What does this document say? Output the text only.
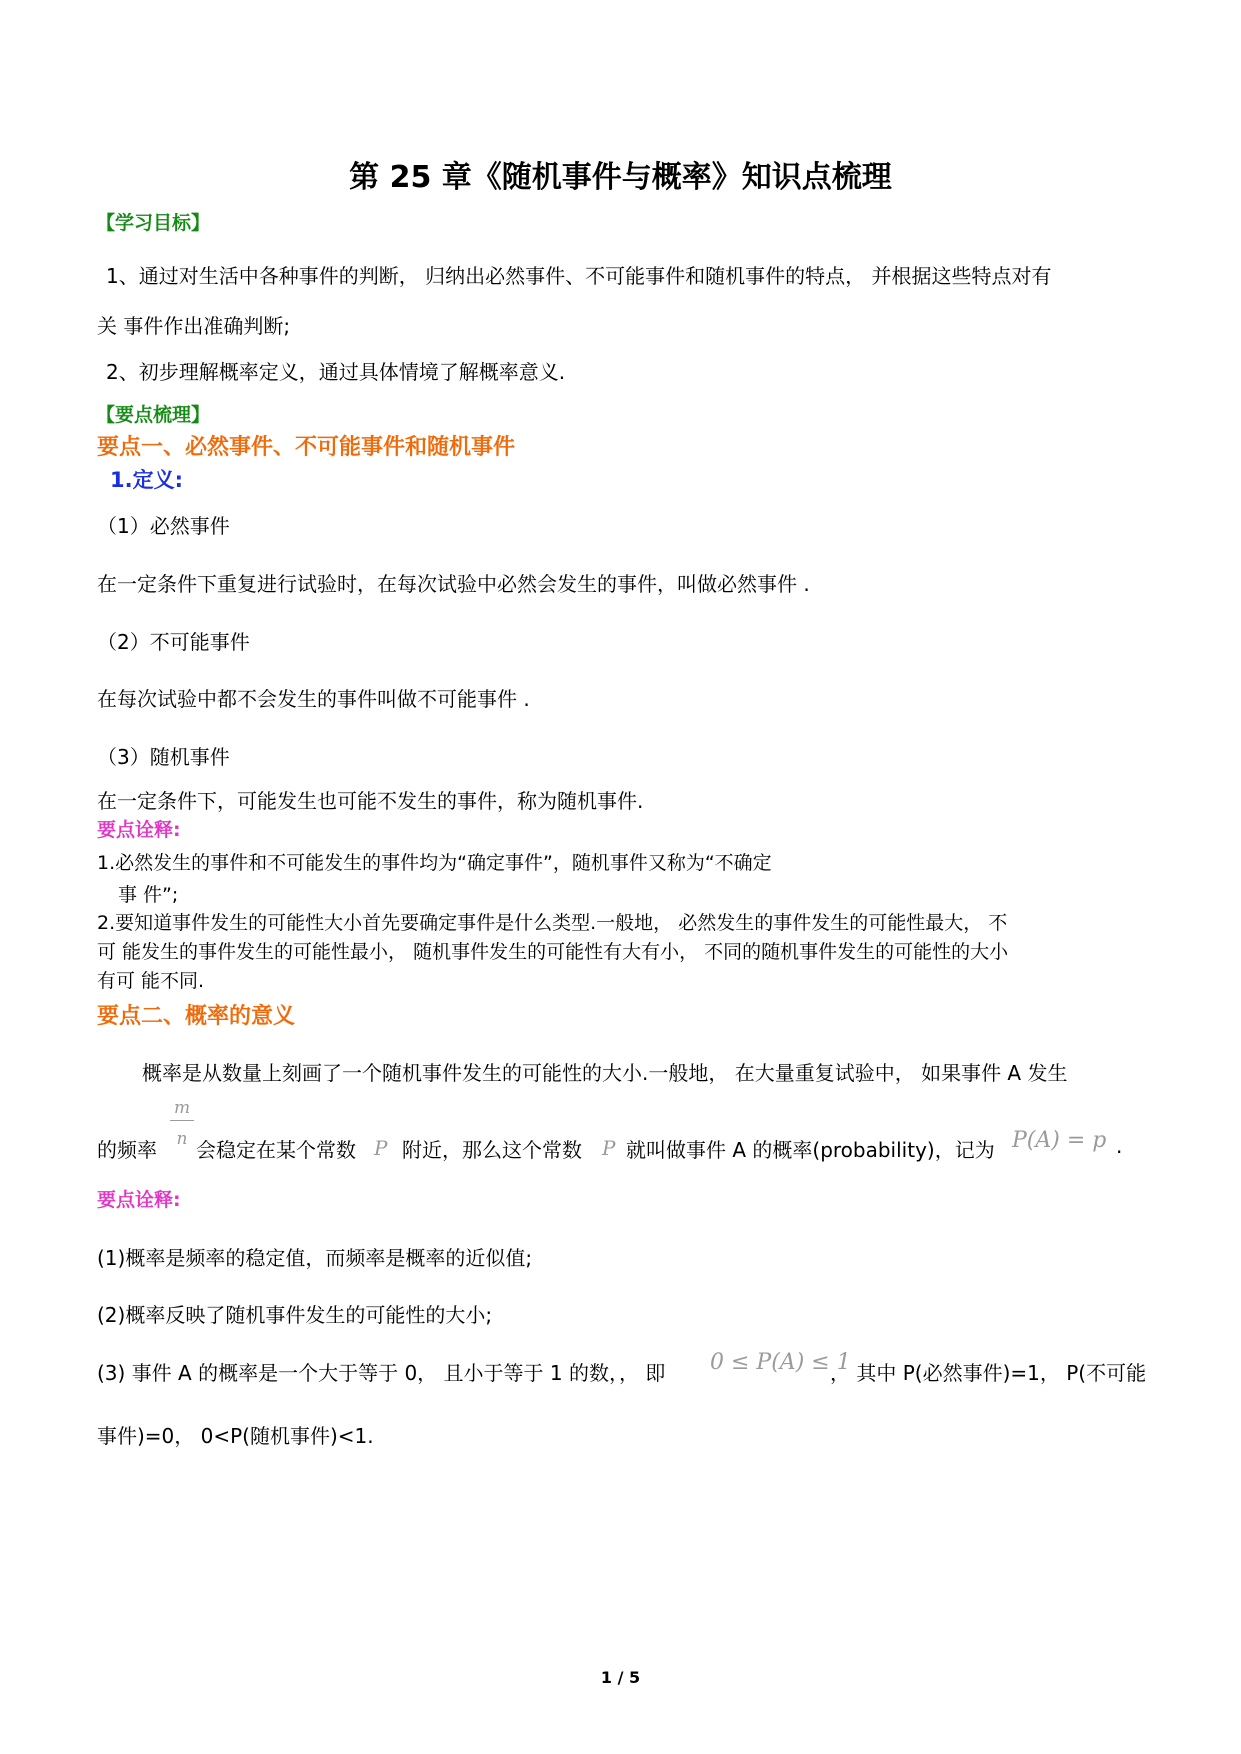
第 25 章《随机事件与概率》知识点梳理
【学习目标】
1、通过对生活中各种事件的判断， 归纳出必然事件、不可能事件和随机事件的特点， 并根据这些特点对有
关 事件作出准确判断;
2、初步理解概率定义，通过具体情境了解概率意义.
【要点梳理】
要点一、必然事件、不可能事件和随机事件
1.定义:
（1）必然事件
在一定条件下重复进行试验时，在每次试验中必然会发生的事件，叫做必然事件 .
（2）不可能事件
在每次试验中都不会发生的事件叫做不可能事件 .
（3）随机事件
在一定条件下，可能发生也可能不发生的事件，称为随机事件.
要点诠释:
1.必然发生的事件和不可能发生的事件均为“确定事件”，随机事件又称为“不确定
事 件”;
2.要知道事件发生的可能性大小首先要确定事件是什么类型.一般地， 必然发生的事件发生的可能性最大， 不
可 能发生的事件发生的可能性最小， 随机事件发生的可能性有大有小， 不同的随机事件发生的可能性的大小
有可 能不同.
要点二、概率的意义
概率是从数量上刻画了一个随机事件发生的可能性的大小.一般地， 在大量重复试验中， 如果事件 A 发生
的频率
$\frac{m}{n}$
会稳定在某个常数 P 附近，那么这个常数 P 就叫做事件 A 的概率(probability)，记为 P(A) = p .
要点诠释:
(1)概率是频率的稳定值，而频率是概率的近似值;
(2)概率反映了随机事件发生的可能性的大小;
(3) 事件 A 的概率是一个大于等于 0， 且小于等于 1 的数，， 即 0 ≤ P(A) ≤ 1
， 其中 P(必然事件)=1， P(不可能
事件)=0， 0<P(随机事件)<1.
1 / 5
